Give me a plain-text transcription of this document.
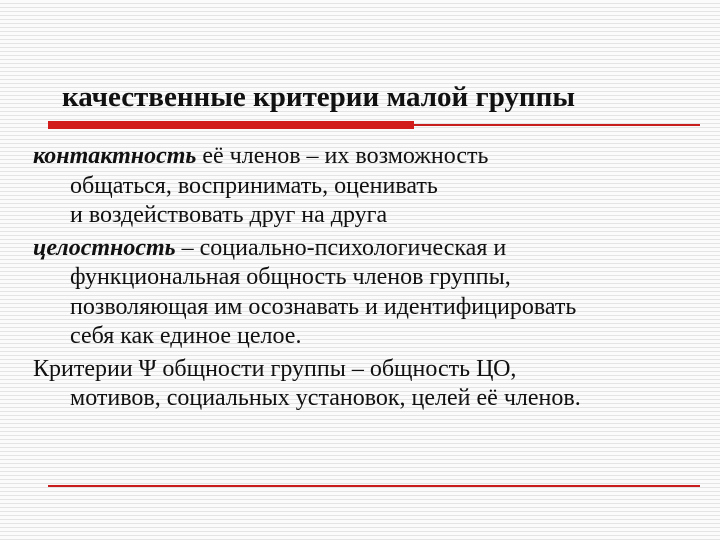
качественные критерии малой группы
контактность её членов – их возможность
общаться, воспринимать, оценивать
и воздействовать друг на друга
целостность – социально-психологическая и
функциональная общность членов группы,
позволяющая им осознавать и идентифицировать
себя как единое целое.
Критерии Ψ общности группы – общность ЦО,
мотивов, социальных установок, целей её членов.
